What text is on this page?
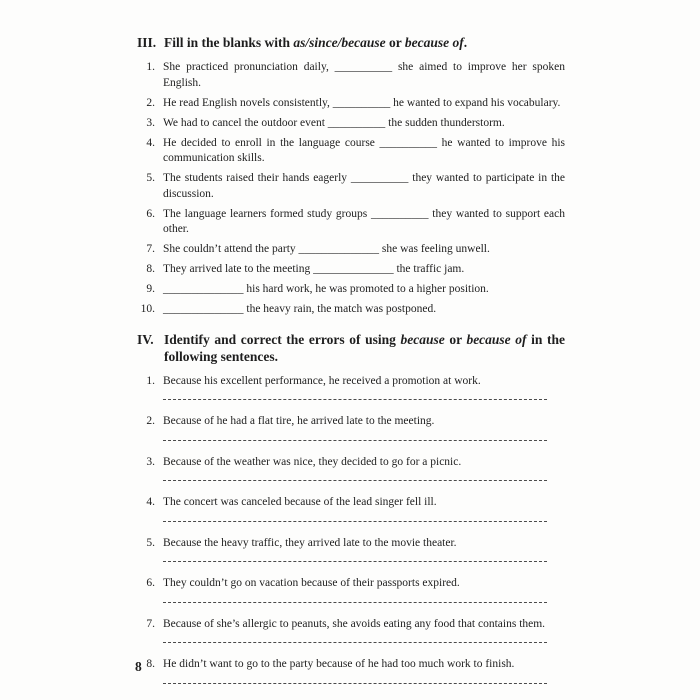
III. Fill in the blanks with as/since/because or because of.
1. She practiced pronunciation daily, __________ she aimed to improve her spoken English.
2. He read English novels consistently, __________ he wanted to expand his vocabulary.
3. We had to cancel the outdoor event __________ the sudden thunderstorm.
4. He decided to enroll in the language course __________ he wanted to improve his communication skills.
5. The students raised their hands eagerly __________ they wanted to participate in the discussion.
6. The language learners formed study groups __________ they wanted to support each other.
7. She couldn’t attend the party ______________ she was feeling unwell.
8. They arrived late to the meeting ______________ the traffic jam.
9. ______________ his hard work, he was promoted to a higher position.
10. ______________ the heavy rain, the match was postponed.
IV. Identify and correct the errors of using because or because of in the following sentences.
1. Because his excellent performance, he received a promotion at work.
2. Because of he had a flat tire, he arrived late to the meeting.
3. Because of the weather was nice, they decided to go for a picnic.
4. The concert was canceled because of the lead singer fell ill.
5. Because the heavy traffic, they arrived late to the movie theater.
6. They couldn’t go on vacation because of their passports expired.
7. Because of she’s allergic to peanuts, she avoids eating any food that contains them.
8. He didn’t want to go to the party because of he had too much work to finish.
8
